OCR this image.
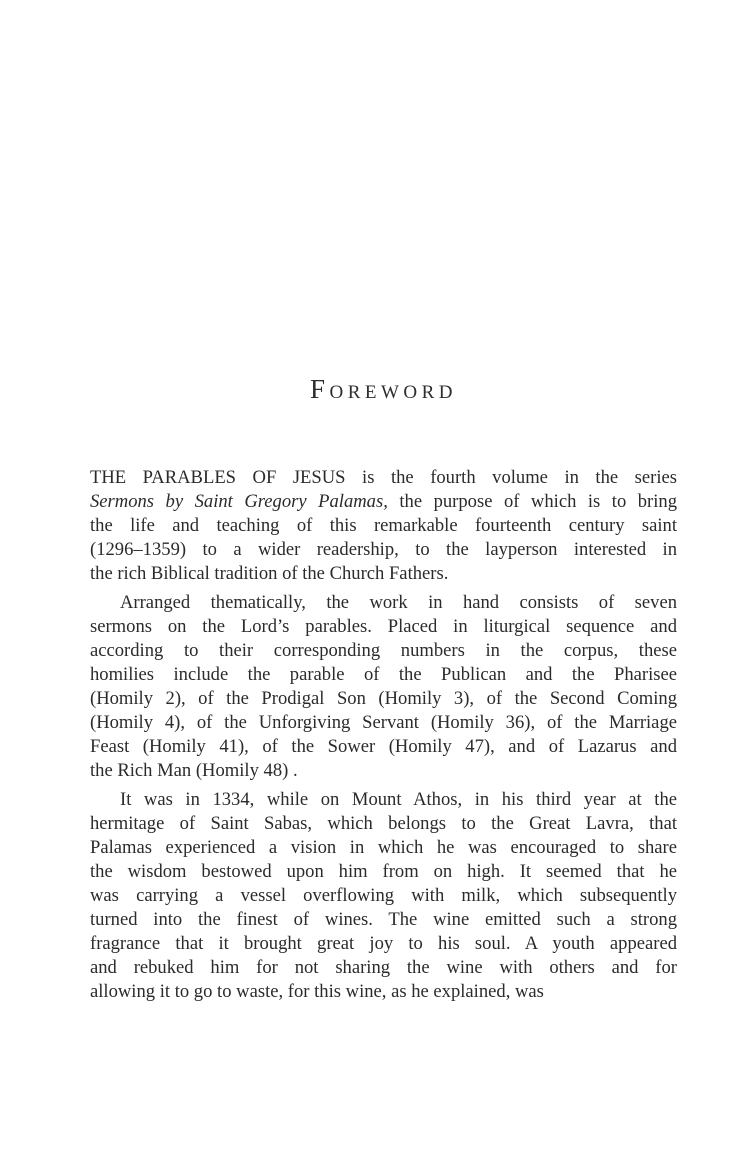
Foreword
THE PARABLES OF JESUS is the fourth volume in the series
Sermons by Saint Gregory Palamas, the purpose of which is to bring
the life and teaching of this remarkable fourteenth century saint
(1296–1359) to a wider readership, to the layperson interested in
the rich Biblical tradition of the Church Fathers.
Arranged thematically, the work in hand consists of seven
sermons on the Lord’s parables. Placed in liturgical sequence and
according to their corresponding numbers in the corpus, these
homilies include the parable of the Publican and the Pharisee
(Homily 2), of the Prodigal Son (Homily 3), of the Second Coming
(Homily 4), of the Unforgiving Servant (Homily 36), of the Marriage
Feast (Homily 41), of the Sower (Homily 47), and of Lazarus and
the Rich Man (Homily 48) .
It was in 1334, while on Mount Athos, in his third year at the
hermitage of Saint Sabas, which belongs to the Great Lavra, that
Palamas experienced a vision in which he was encouraged to share
the wisdom bestowed upon him from on high. It seemed that he
was carrying a vessel overflowing with milk, which subsequently
turned into the finest of wines. The wine emitted such a strong
fragrance that it brought great joy to his soul. A youth appeared
and rebuked him for not sharing the wine with others and for
allowing it to go to waste, for this wine, as he explained, was
